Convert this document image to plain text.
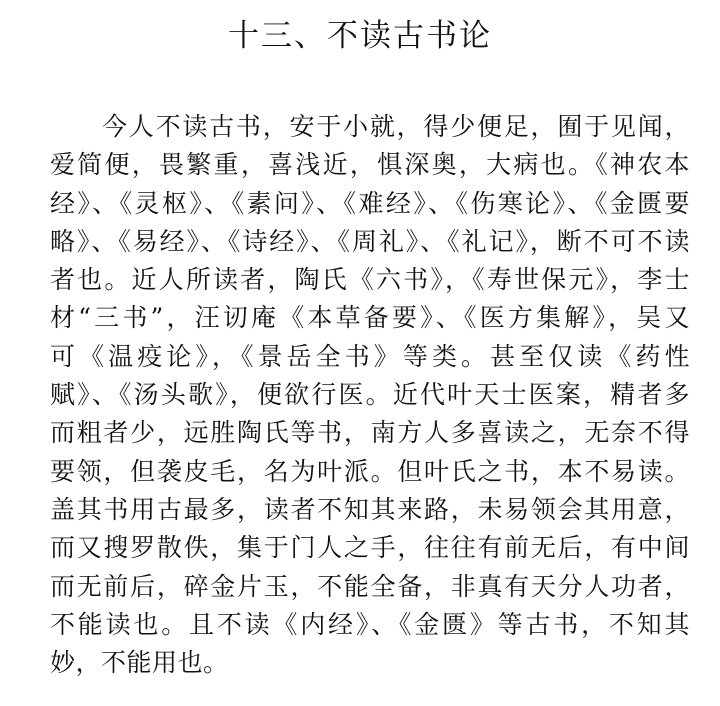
十三、不读古书论
今人不读古书，安于小就，得少便足，囿于见闻，
爱简便，畏繁重，喜浅近，惧深奥，大病也。《神农本
经》、《灵枢》、《素问》、《难经》、《伤寒论》、《金匮要
略》、《易经》、《诗经》、《周礼》、《礼记》，断不可不读
者也。近人所读者，陶氏《六书》，《寿世保元》，李士
材“三书”，汪讱庵《本草备要》、《医方集解》，吴又
可《温疫论》，《景岳全书》等类。甚至仅读《药性
赋》、《汤头歌》，便欲行医。近代叶天士医案，精者多
而粗者少，远胜陶氏等书，南方人多喜读之，无奈不得
要领，但袭皮毛，名为叶派。但叶氏之书，本不易读。
盖其书用古最多，读者不知其来路，未易领会其用意，
而又搜罗散佚，集于门人之手，往往有前无后，有中间
而无前后，碎金片玉，不能全备，非真有天分人功者，
不能读也。且不读《内经》、《金匮》等古书，不知其
妙，不能用也。
